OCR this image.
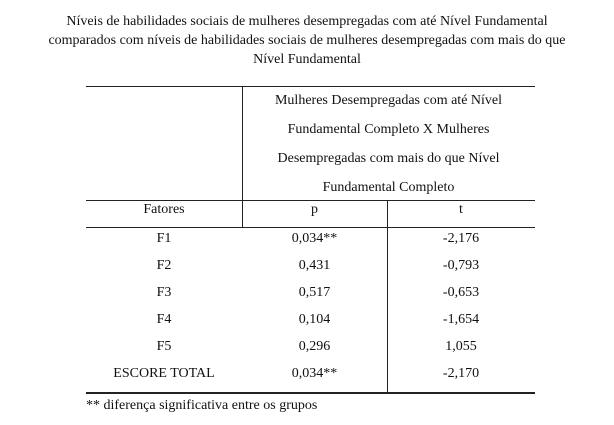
Níveis de habilidades sociais de mulheres desempregadas com até Nível Fundamental
comparados com níveis de habilidades sociais de mulheres desempregadas com mais do que
Nível Fundamental
Mulheres Desempregadas com até Nível
Fundamental Completo X Mulheres
Desempregadas com mais do que Nível
Fundamental Completo
Fatores	p	t
F1	0,034**	-2,176
F2	0,431	-0,793
F3	0,517	-0,653
F4	0,104	-1,654
F5	0,296	1,055
ESCORE TOTAL	0,034**	-2,170
** diferença significativa entre os grupos
